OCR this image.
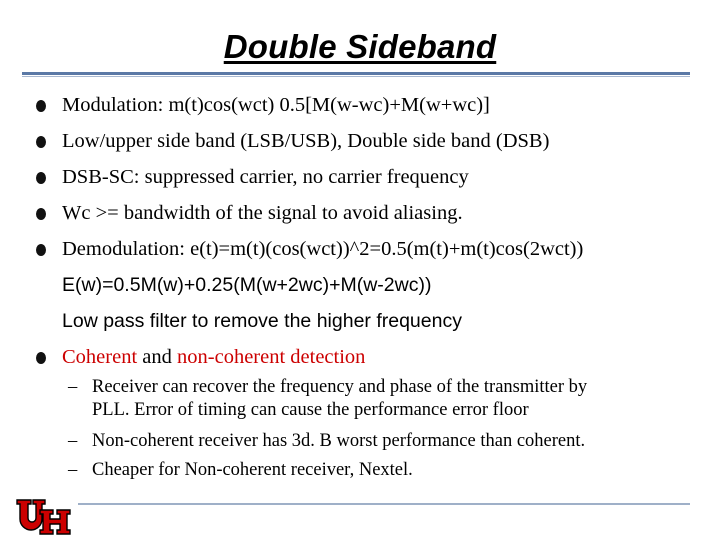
Double Sideband
Modulation: m(t)cos(wct) 0.5[M(w-wc)+M(w+wc)]
Low/upper side band (LSB/USB), Double side band (DSB)
DSB-SC: suppressed carrier, no carrier frequency
Wc >= bandwidth of the signal to avoid aliasing.
Demodulation: e(t)=m(t)(cos(wct))^2=0.5(m(t)+m(t)cos(2wct))
E(w)=0.5M(w)+0.25(M(w+2wc)+M(w-2wc))
Low pass filter to remove the higher frequency
Coherent and non-coherent detection
– Receiver can recover the frequency and phase of the transmitter by
PLL. Error of timing can cause the performance error floor
– Non-coherent receiver has 3d. B worst performance than coherent.
– Cheaper for Non-coherent receiver, Nextel.
